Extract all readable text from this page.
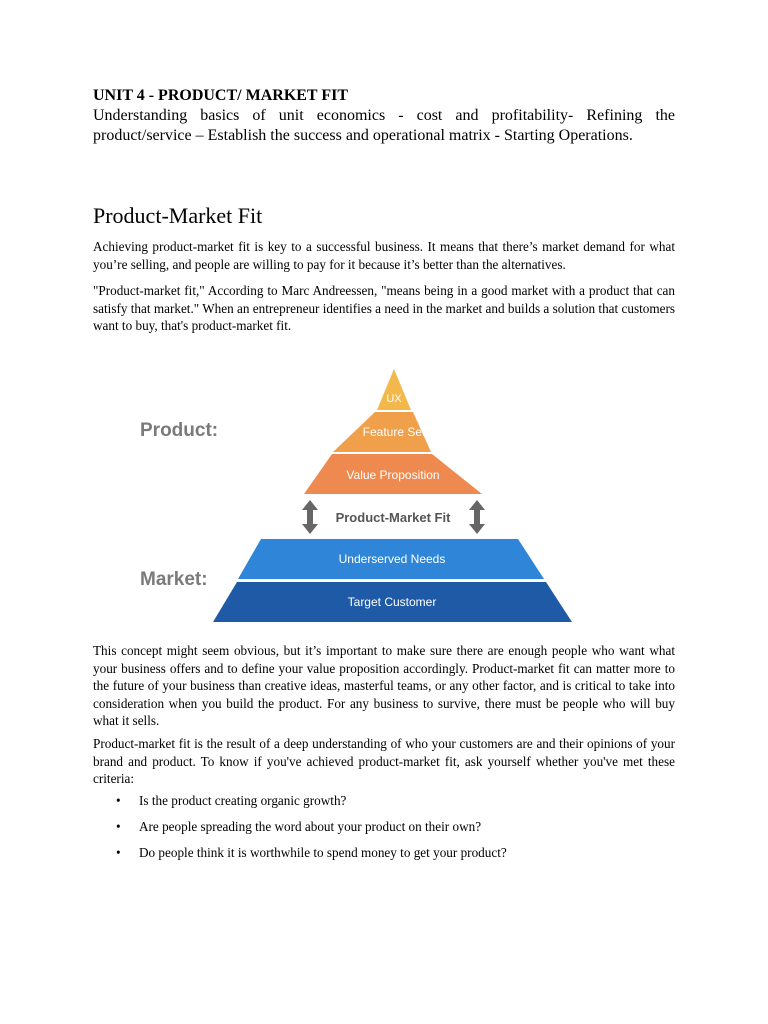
UNIT 4 - PRODUCT/ MARKET FIT

Understanding basics of unit economics - cost and profitability- Refining the product/service – Establish the success and operational matrix - Starting Operations.

Product-Market Fit

Achieving product-market fit is key to a successful business. It means that there’s market demand for what you’re selling, and people are willing to pay for it because it’s better than the alternatives.

"Product-market fit," According to Marc Andreessen, "means being in a good market with a product that can satisfy that market." When an entrepreneur identifies a need in the market and builds a solution that customers want to buy, that's product-market fit.

This concept might seem obvious, but it’s important to make sure there are enough people who want what your business offers and to define your value proposition accordingly. Product-market fit can matter more to the future of your business than creative ideas, masterful teams, or any other factor, and is critical to take into consideration when you build the product. For any business to survive, there must be people who will buy what it sells.

Product-market fit is the result of a deep understanding of who your customers are and their opinions of your brand and product. To know if you've achieved product-market fit, ask yourself whether you've met these criteria:

• Is the product creating organic growth?
• Are people spreading the word about your product on their own?
• Do people think it is worthwhile to spend money to get your product?
UX
Feature Set
Value Proposition
Underserved Needs
Target Customer
Product:
Market:
Product-Market Fit
